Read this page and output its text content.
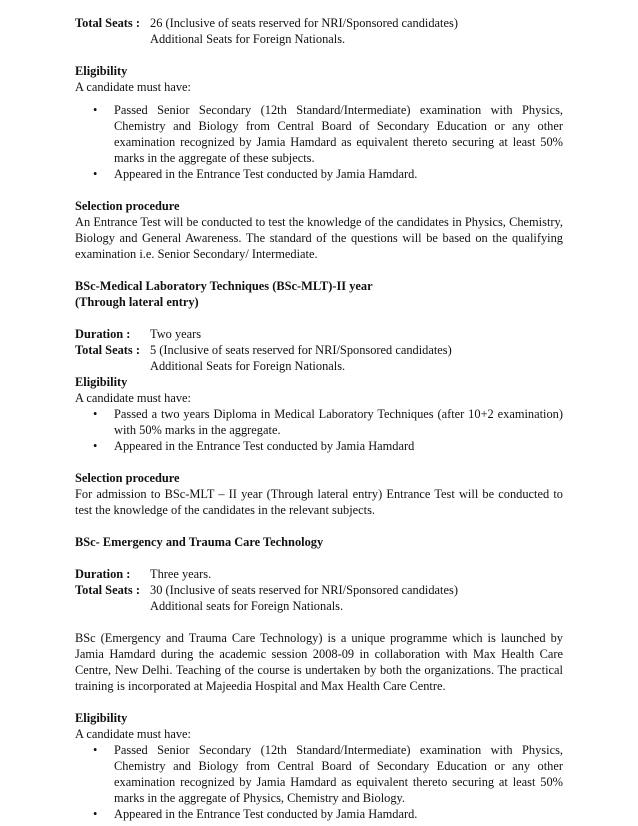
Total Seats : 26 (Inclusive of seats reserved for NRI/Sponsored candidates)
Additional Seats for Foreign Nationals.
Eligibility
A candidate must have:
• Passed Senior Secondary (12th Standard/Intermediate) examination with Physics, Chemistry and Biology from Central Board of Secondary Education or any other examination recognized by Jamia Hamdard as equivalent thereto securing at least 50% marks in the aggregate of these subjects.
• Appeared in the Entrance Test conducted by Jamia Hamdard.
Selection procedure
An Entrance Test will be conducted to test the knowledge of the candidates in Physics, Chemistry, Biology and General Awareness. The standard of the questions will be based on the qualifying examination i.e. Senior Secondary/ Intermediate.
BSc-Medical Laboratory Techniques (BSc-MLT)-II year
(Through lateral entry)
Duration :	Two years
Total Seats : 5 (Inclusive of seats reserved for NRI/Sponsored candidates)
Additional Seats for Foreign Nationals.
Eligibility
A candidate must have:
• Passed a two years Diploma in Medical Laboratory Techniques (after 10+2 examination) with 50% marks in the aggregate.
• Appeared in the Entrance Test conducted by Jamia Hamdard
Selection procedure
For admission to BSc-MLT – II year (Through lateral entry) Entrance Test will be conducted to test the knowledge of the candidates in the relevant subjects.
BSc- Emergency and Trauma Care Technology
Duration :	Three years.
Total Seats : 30 (Inclusive of seats reserved for NRI/Sponsored candidates)
Additional seats for Foreign Nationals.
BSc (Emergency and Trauma Care Technology) is a unique programme which is launched by Jamia Hamdard during the academic session 2008-09 in collaboration with Max Health Care Centre, New Delhi. Teaching of the course is undertaken by both the organizations. The practical training is incorporated at Majeedia Hospital and Max Health Care Centre.
Eligibility
A candidate must have:
• Passed Senior Secondary (12th Standard/Intermediate) examination with Physics, Chemistry and Biology from Central Board of Secondary Education or any other examination recognized by Jamia Hamdard as equivalent thereto securing at least 50% marks in the aggregate of Physics, Chemistry and Biology.
• Appeared in the Entrance Test conducted by Jamia Hamdard.
